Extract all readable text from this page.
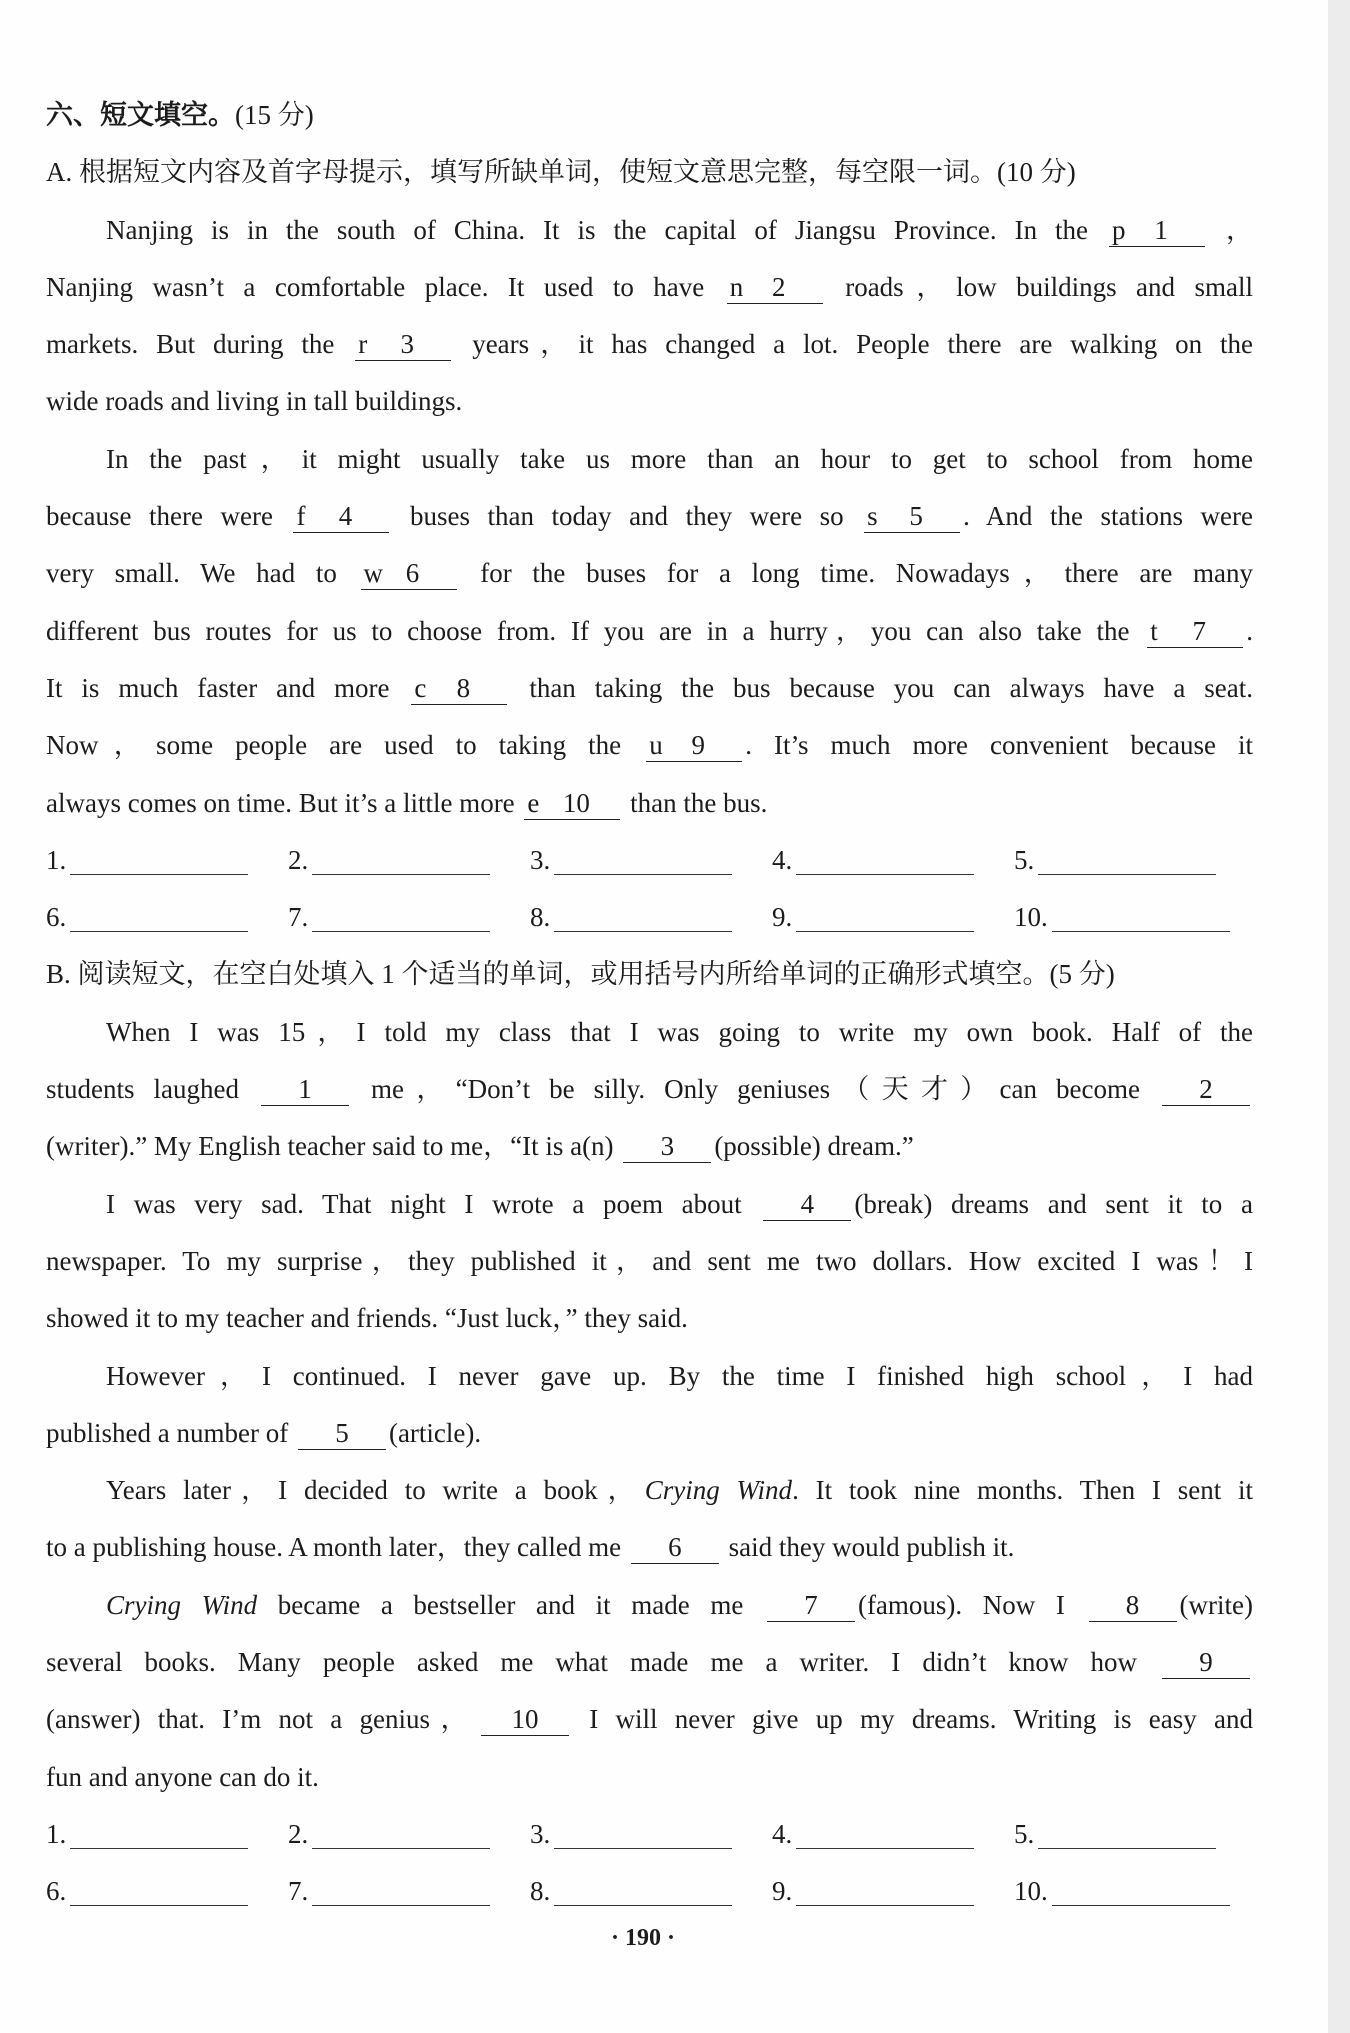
六、短文填空。(15 分)
A. 根据短文内容及首字母提示，填写所缺单词，使短文意思完整，每空限一词。(10 分)
Nanjing is in the south of China. It is the capital of Jiangsu Province. In the p 1 ，
Nanjing wasn’t a comfortable place. It used to have n 2 roads，low buildings and small
markets. But during the r 3 years，it has changed a lot. People there are walking on the
wide roads and living in tall buildings.
In the past，it might usually take us more than an hour to get to school from home
because there were f 4 buses than today and they were so s 5 . And the stations were
very small. We had to w 6 for the buses for a long time. Nowadays，there are many
different bus routes for us to choose from. If you are in a hurry，you can also take the t 7 .
It is much faster and more c 8 than taking the bus because you can always have a seat.
Now，some people are used to taking the u 9 . It’s much more convenient because it
always comes on time. But it’s a little more e 10 than the bus.
1.	2.	3.	4.	5.
6.	7.	8.	9.	10.
B. 阅读短文，在空白处填入 1 个适当的单词，或用括号内所给单词的正确形式填空。(5 分)
When I was 15，I told my class that I was going to write my own book. Half of the
students laughed 1 me，“Don’t be silly. Only geniuses（天才）can become 2
(writer).” My English teacher said to me，“It is a(n) 3 (possible) dream.”
I was very sad. That night I wrote a poem about 4 (break) dreams and sent it to a
newspaper. To my surprise，they published it，and sent me two dollars. How excited I was！I
showed it to my teacher and friends. “Just luck，” they said.
However，I continued. I never gave up. By the time I finished high school，I had
published a number of 5 (article).
Years later，I decided to write a book，Crying Wind. It took nine months. Then I sent it
to a publishing house. A month later，they called me 6 said they would publish it.
Crying Wind became a bestseller and it made me 7 (famous). Now I 8 (write)
several books. Many people asked me what made me a writer. I didn’t know how 9
(answer) that. I’m not a genius， 10 I will never give up my dreams. Writing is easy and
fun and anyone can do it.
1.	2.	3.	4.	5.
6.	7.	8.	9.	10.
· 190 ·
